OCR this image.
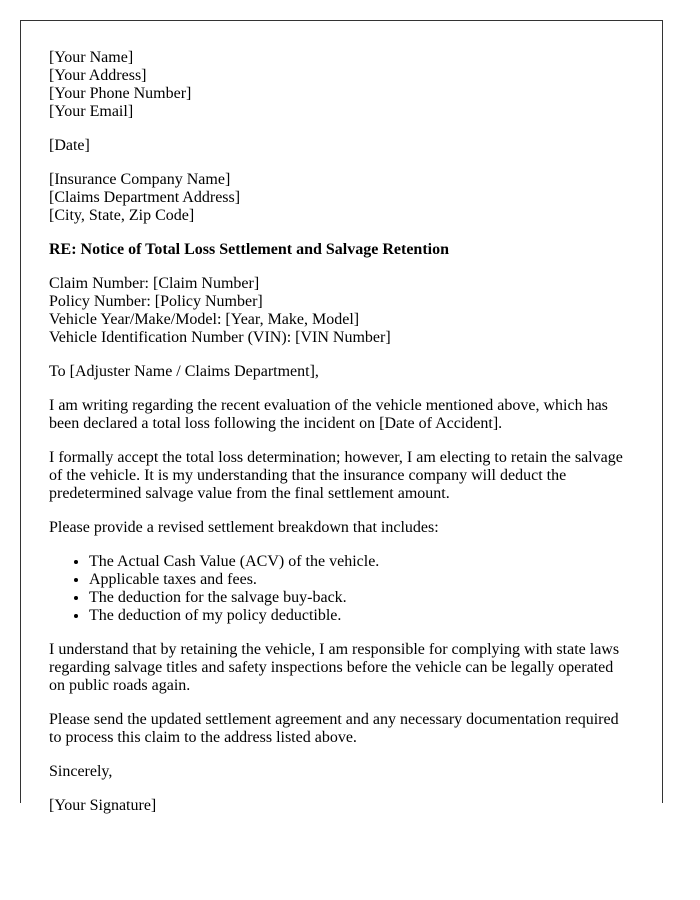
[Your Name]
[Your Address]
[Your Phone Number]
[Your Email]
[Date]
[Insurance Company Name]
[Claims Department Address]
[City, State, Zip Code]
RE: Notice of Total Loss Settlement and Salvage Retention
Claim Number: [Claim Number]
Policy Number: [Policy Number]
Vehicle Year/Make/Model: [Year, Make, Model]
Vehicle Identification Number (VIN): [VIN Number]

To [Adjuster Name / Claims Department],

I am writing regarding the recent evaluation of the vehicle mentioned above, which has been declared a total loss following the incident on [Date of Accident].

I formally accept the total loss determination; however, I am electing to retain the salvage of the vehicle. It is my understanding that the insurance company will deduct the predetermined salvage value from the final settlement amount.

Please provide a revised settlement breakdown that includes:

• The Actual Cash Value (ACV) of the vehicle.
• Applicable taxes and fees.
• The deduction for the salvage buy-back.
• The deduction of my policy deductible.

I understand that by retaining the vehicle, I am responsible for complying with state laws regarding salvage titles and safety inspections before the vehicle can be legally operated on public roads again.

Please send the updated settlement agreement and any necessary documentation required to process this claim to the address listed above.

Sincerely,

[Your Signature]
